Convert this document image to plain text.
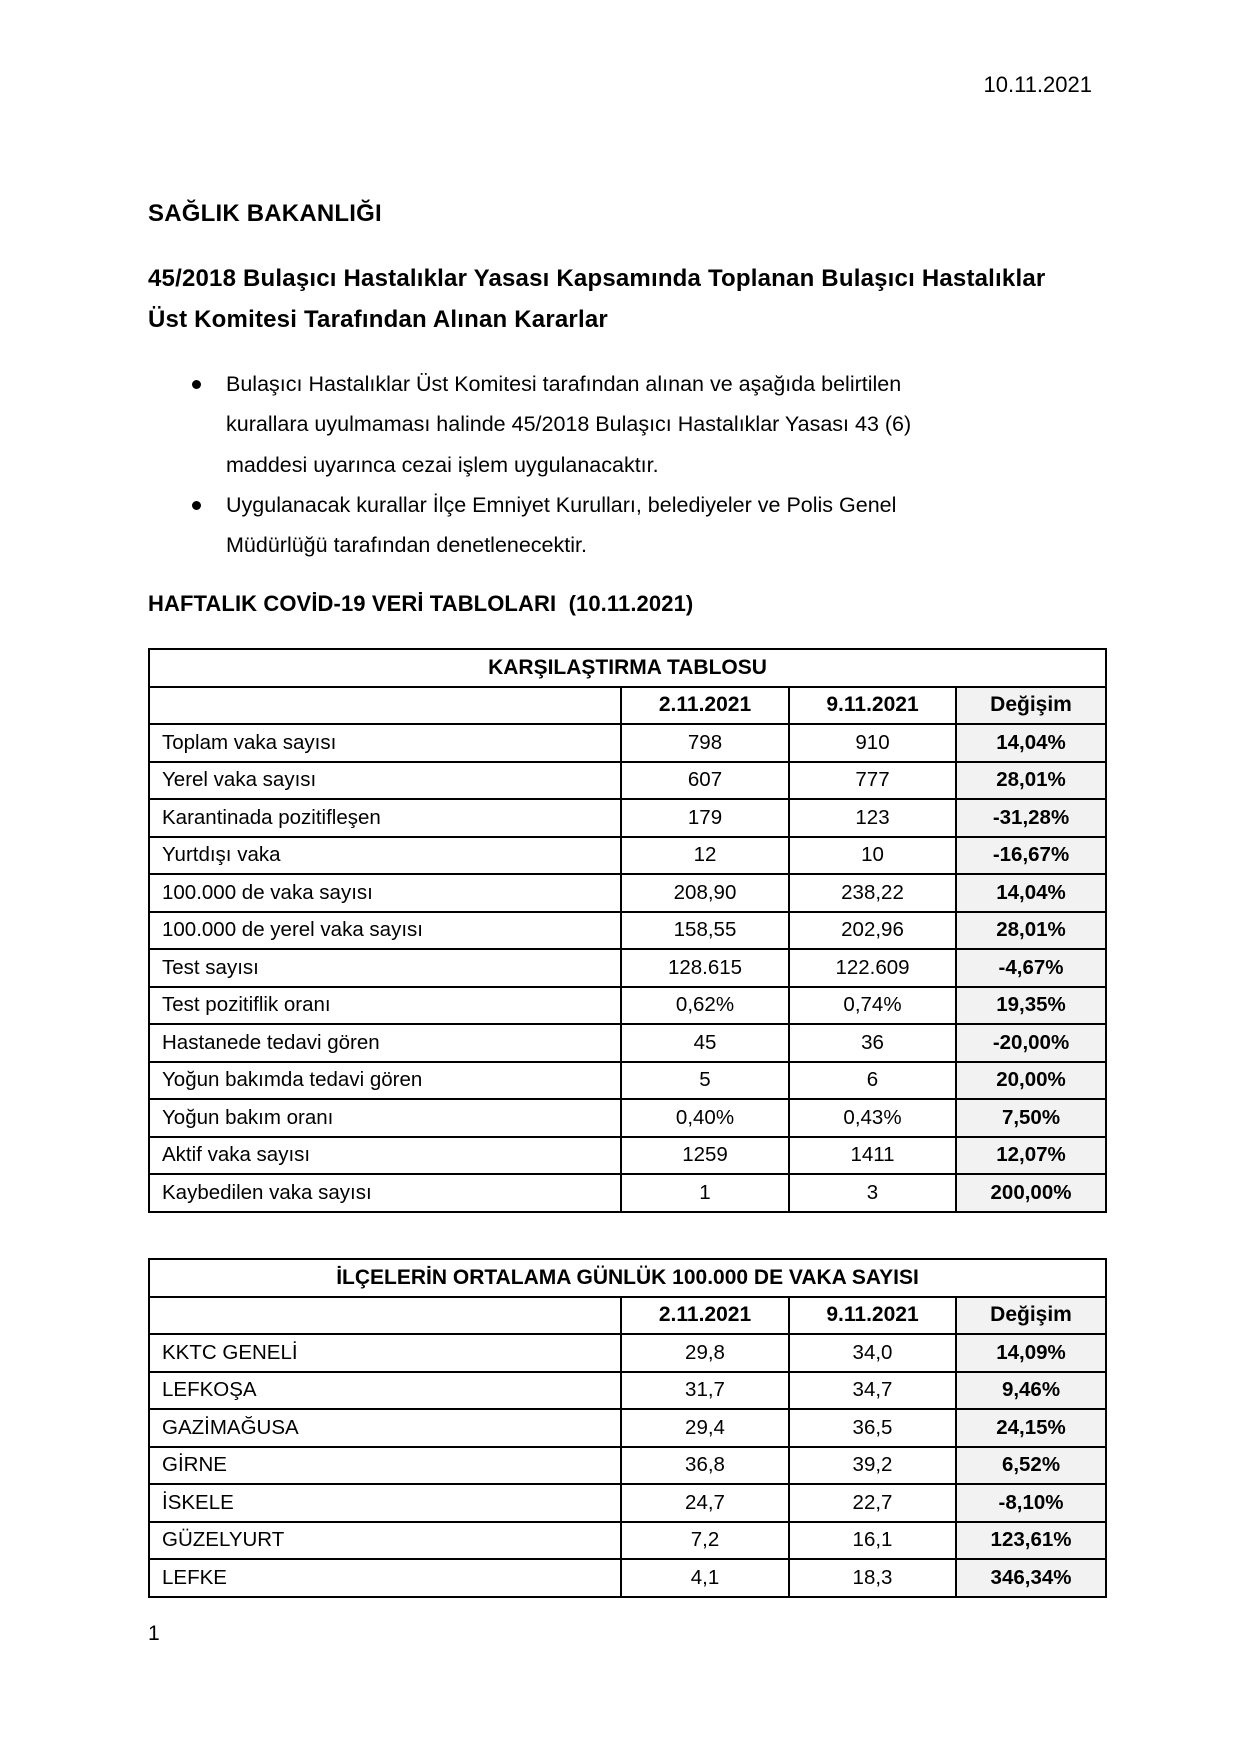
10.11.2021
SAĞLIK BAKANLIĞI
45/2018 Bulaşıcı Hastalıklar Yasası Kapsamında Toplanan Bulaşıcı Hastalıklar
Üst Komitesi Tarafından Alınan Kararlar
Bulaşıcı Hastalıklar Üst Komitesi tarafından alınan ve aşağıda belirtilen
kurallara uyulmaması halinde 45/2018 Bulaşıcı Hastalıklar Yasası 43 (6)
maddesi uyarınca cezai işlem uygulanacaktır.
Uygulanacak kurallar İlçe Emniyet Kurulları, belediyeler ve Polis Genel
Müdürlüğü tarafından denetlenecektir.
HAFTALIK COVİD-19 VERİ TABLOLARI  (10.11.2021)
KARŞILAŞTIRMA TABLOSU			
	2.11.2021	9.11.2021	Değişim
Toplam vaka sayısı	798	910	14,04%
Yerel vaka sayısı	607	777	28,01%
Karantinada pozitifleşen	179	123	-31,28%
Yurtdışı vaka	12	10	-16,67%
100.000 de vaka sayısı	208,90	238,22	14,04%
100.000 de yerel vaka sayısı	158,55	202,96	28,01%
Test sayısı	128.615	122.609	-4,67%
Test pozitiflik oranı	0,62%	0,74%	19,35%
Hastanede tedavi gören	45	36	-20,00%
Yoğun bakımda tedavi gören	5	6	20,00%
Yoğun bakım oranı	0,40%	0,43%	7,50%
Aktif vaka sayısı	1259	1411	12,07%
Kaybedilen vaka sayısı	1	3	200,00%
İLÇELERİN ORTALAMA GÜNLÜK 100.000 DE VAKA SAYISI			
	2.11.2021	9.11.2021	Değişim
KKTC GENELİ	29,8	34,0	14,09%
LEFKOŞA	31,7	34,7	9,46%
GAZİMAĞUSA	29,4	36,5	24,15%
GİRNE	36,8	39,2	6,52%
İSKELE	24,7	22,7	-8,10%
GÜZELYURT	7,2	16,1	123,61%
LEFKE	4,1	18,3	346,34%
1
